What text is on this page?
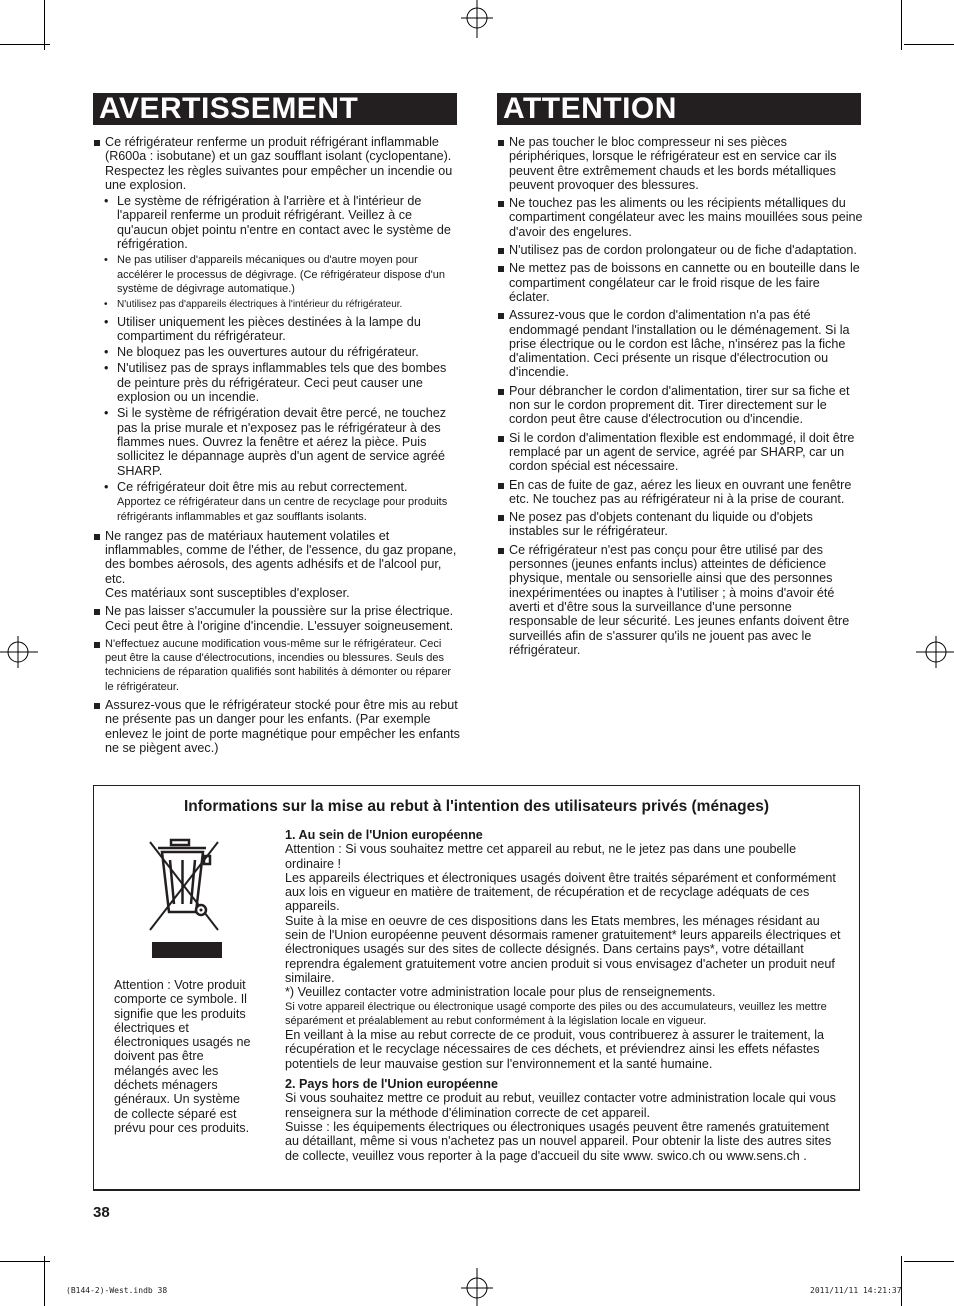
AVERTISSEMENT	ATTENTION
Ce réfrigérateur renferme un produit réfrigérant inflammable (R600a : isobutane) et un gaz soufflant isolant (cyclopentane). Respectez les règles suivantes pour empêcher un incendie ou une explosion.
• Le système de réfrigération à l'arrière et à l'intérieur de l'appareil renferme un produit réfrigérant. Veillez à ce qu'aucun objet pointu n'entre en contact avec le système de réfrigération.
• Ne pas utiliser d'appareils mécaniques ou d'autre moyen pour accélérer le processus de dégivrage. (Ce réfrigérateur dispose d'un système de dégivrage automatique.)
• N'utilisez pas d'appareils électriques à l'intérieur du réfrigérateur.
• Utiliser uniquement les pièces destinées à la lampe du compartiment du réfrigérateur.
• Ne bloquez pas les ouvertures autour du réfrigérateur.
• N'utilisez pas de sprays inflammables tels que des bombes de peinture près du réfrigérateur. Ceci peut causer une explosion ou un incendie.
• Si le système de réfrigération devait être percé, ne touchez pas la prise murale et n'exposez pas le réfrigérateur à des flammes nues. Ouvrez la fenêtre et aérez la pièce. Puis sollicitez le dépannage auprès d'un agent de service agréé SHARP.
• Ce réfrigérateur doit être mis au rebut correctement.
Apportez ce réfrigérateur dans un centre de recyclage pour produits réfrigérants inflammables et gaz soufflants isolants.
Ne rangez pas de matériaux hautement volatiles et inflammables, comme de l'éther, de l'essence, du gaz propane, des bombes aérosols, des agents adhésifs et de l'alcool pur, etc.
Ces matériaux sont susceptibles d'exploser.
Ne pas laisser s'accumuler la poussière sur la prise électrique. Ceci peut être à l'origine d'incendie. L'essuyer soigneusement.
N'effectuez aucune modification vous-même sur le réfrigérateur. Ceci peut être la cause d'électrocutions, incendies ou blessures. Seuls des techniciens de réparation qualifiés sont habilités à démonter ou réparer le réfrigérateur.
Assurez-vous que le réfrigérateur stocké pour être mis au rebut ne présente pas un danger pour les enfants. (Par exemple enlevez le joint de porte magnétique pour empêcher les enfants ne se piègent avec.)
Ne pas toucher le bloc compresseur ni ses pièces périphériques, lorsque le réfrigérateur est en service car ils peuvent être extrêmement chauds et les bords métalliques peuvent provoquer des blessures.
Ne touchez pas les aliments ou les récipients métalliques du compartiment congélateur avec les mains mouillées sous peine d'avoir des engelures.
N'utilisez pas de cordon prolongateur ou de fiche d'adaptation.
Ne mettez pas de boissons en cannette ou en bouteille dans le compartiment congélateur car le froid risque de les faire éclater.
Assurez-vous que le cordon d'alimentation n'a pas été endommagé pendant l'installation ou le déménagement. Si la prise électrique ou le cordon est lâche, n'insérez pas la fiche d'alimentation. Ceci présente un risque d'électrocution ou d'incendie.
Pour débrancher le cordon d'alimentation, tirer sur sa fiche et non sur le cordon proprement dit. Tirer directement sur le cordon peut être cause d'électrocution ou d'incendie.
Si le cordon d'alimentation flexible est endommagé, il doit être remplacé par un agent de service, agréé par SHARP, car un cordon spécial est nécessaire.
En cas de fuite de gaz, aérez les lieux en ouvrant une fenêtre etc. Ne touchez pas au réfrigérateur ni à la prise de courant.
Ne posez pas d'objets contenant du liquide ou d'objets instables sur le réfrigérateur.
Ce réfrigérateur n'est pas conçu pour être utilisé par des personnes (jeunes enfants inclus) atteintes de déficience physique, mentale ou sensorielle ainsi que des personnes inexpérimentées ou inaptes à l'utiliser ; à moins d'avoir été averti et d'être sous la surveillance d'une personne responsable de leur sécurité. Les jeunes enfants doivent être surveillés afin de s'assurer qu'ils ne jouent pas avec le réfrigérateur.
Informations sur la mise au rebut à l'intention des utilisateurs privés (ménages)
Attention : Votre produit comporte ce symbole. Il signifie que les produits électriques et électroniques usagés ne doivent pas être mélangés avec les déchets ménagers généraux. Un système de collecte séparé est prévu pour ces produits.

1. Au sein de l'Union européenne

Attention : Si vous souhaitez mettre cet appareil au rebut, ne le jetez pas dans une poubelle ordinaire !

Les appareils électriques et électroniques usagés doivent être traités séparément et conformément aux lois en vigueur en matière de traitement, de récupération et de recyclage adéquats de ces appareils.

Suite à la mise en oeuvre de ces dispositions dans les Etats membres, les ménages résidant au sein de l'Union européenne peuvent désormais ramener gratuitement* leurs appareils électriques et électroniques usagés sur des sites de collecte désignés. Dans certains pays*, votre détaillant reprendra également gratuitement votre ancien produit si vous envisagez d'acheter un produit neuf similaire.

*) Veuillez contacter votre administration locale pour plus de renseignements.

Si votre appareil électrique ou électronique usagé comporte des piles ou des accumulateurs, veuillez les mettre séparément et préalablement au rebut conformément à la législation locale en vigueur.

En veillant à la mise au rebut correcte de ce produit, vous contribuerez à assurer le traitement, la récupération et le recyclage nécessaires de ces déchets, et préviendrez ainsi les effets néfastes potentiels de leur mauvaise gestion sur l'environnement et la santé humaine.

2. Pays hors de l'Union européenne

Si vous souhaitez mettre ce produit au rebut, veuillez contacter votre administration locale qui vous renseignera sur la méthode d'élimination correcte de cet appareil.

Suisse : les équipements électriques ou électroniques usagés peuvent être ramenés gratuitement au détaillant, même si vous n'achetez pas un nouvel appareil. Pour obtenir la liste des autres sites de collecte, veuillez vous reporter à la page d'accueil du site www. swico.ch ou www.sens.ch .

38
(B144-2)-West.indb 38	2011/11/11 14:21:37
